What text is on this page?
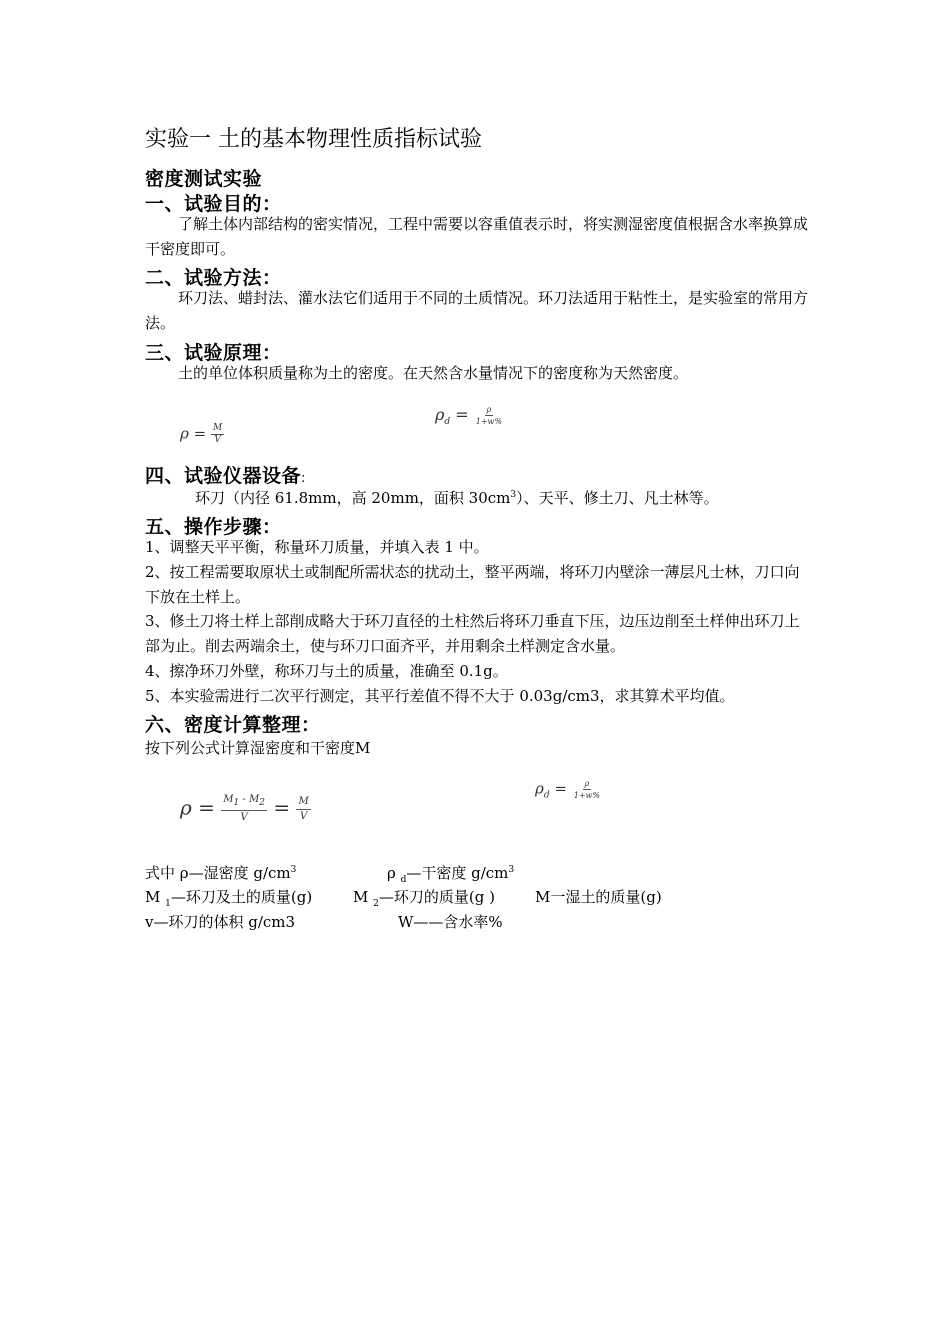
实验一 土的基本物理性质指标试验
密度测试实验
一、试验目的：
了解土体内部结构的密实情况，工程中需要以容重值表示时，将实测湿密度值根据含水率换算成干密度即可。
二、试验方法：
环刀法、蜡封法、灌水法它们适用于不同的土质情况。环刀法适用于粘性土，是实验室的常用方法。
三、试验原理：
土的单位体积质量称为土的密度。在天然含水量情况下的密度称为天然密度。
$\rho = \frac{M}{V}$
$\rho_d = \frac{\rho}{1+w\%}$
四、试验仪器设备:
环刀（内径 61.8mm，高 20mm，面积 $30cm^3$）、天平、修土刀、凡士林等。
五、操作步骤：
1、调整天平平衡，称量环刀质量，并填入表 1 中。
2、按工程需要取原状土或制配所需状态的扰动土，整平两端，将环刀内壁涂一薄层凡士林，刀口向下放在土样上。
3、修土刀将土样上部削成略大于环刀直径的土柱然后将环刀垂直下压，边压边削至土样伸出环刀上部为止。削去两端余土，使与环刀口面齐平，并用剩余土样测定含水量。
4、擦净环刀外壁，称环刀与土的质量，准确至 0.1g。
5、本实验需进行二次平行测定，其平行差值不得不大于 0.03g/cm3，求其算术平均值。
六、密度计算整理：
按下列公式计算湿密度和干密度M
$\rho = \frac{M_1 - M_2}{V} = \frac{M}{V}$
$\rho_d = \frac{\rho}{1+w\%}$
式中 ρ—湿密度 $g/cm^3$	ρ $_d$—干密度 $g/cm^3$
M $_1$—环刀及土的质量(g)	M $_2$—环刀的质量(g )	M一湿土的质量(g)
v—环刀的体积 g/cm3	W——含水率%
